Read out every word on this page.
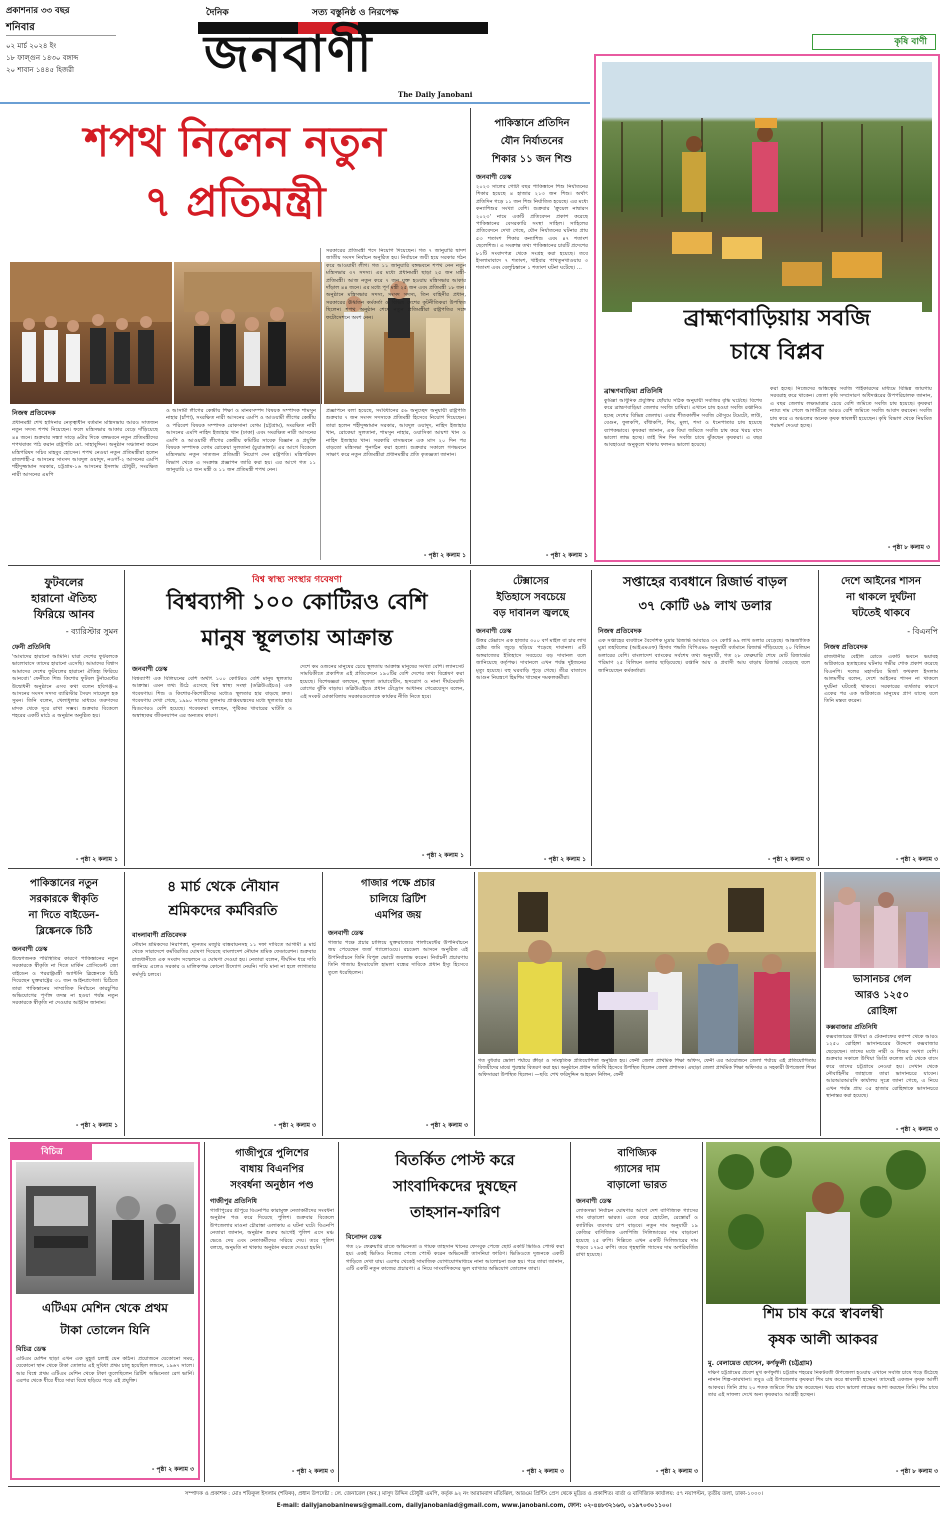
প্রকাশনার ৩৩ বছর
শনিবার
০২ মার্চ ২০২৪ ইং
১৮ ফাল্গুন ১৪৩০ বঙ্গাব্দ
২০ শাবান ১৪৪৫ হিজরী
দৈনিক	সত্য বস্তুনিষ্ঠ ও নিরপেক্ষ
জনবাণী
The Daily Janobani
কৃষি বাণী
ব্রাহ্মণবাড়িয়ায় সবজি
চাষে বিপ্লব
ব্রাহ্মণবাড়িয়া প্রতিনিধি
কুমিল্লা আধুনিক প্রযুক্তির ছোঁয়ায় সঠিক অনুযায়ী সবজির বৃদ্ধি ঘটেছে। বিশেষ করে ব্রাহ্মণবাড়িয়া জেলার সবজি চাষিরা। এখানে চাষ হওয়া সবজি রপ্তানিও হচ্ছে দেশের বিভিন্ন জেলায়। এবার শীতকালীন সবজি মৌসুমে টমেটো, লাউ, বেগুন, ফুলকপি, বাঁধাকপি, শিম, মুলা, শসা ও ধনেপাতার চাষ হয়েছে ব্যাপকভাবে। কৃষকরা জানান, এক বিঘা জমিতে সবজি চাষ করে খরচ বাদে ভালো লাভ হচ্ছে। তাই দিন দিন সবজি চাষে ঝুঁকছেন কৃষকরা। এ বছর আবহাওয়া অনুকূলে থাকায় ফলনও ভালো হয়েছে।
করা হচ্ছে। নিজেদের অস্তিত্বের সবজি পাইকারদের মাধ্যমে বিভিন্ন জায়গায় সরবরাহ করে থাকেন। জেলা কৃষি সম্প্রসারণ অধিদপ্তরের উপপরিচালক জানান, এ বছর জেলায় লক্ষ্যমাত্রার চেয়ে বেশি জমিতে সবজি চাষ হয়েছে। কৃষকরা ন্যায্য দাম পেলে আগামীতে আরও বেশি জমিতে সবজি আবাদ করবেন। সবজি চাষ করে এ অঞ্চলের অনেক কৃষক স্বাবলম্বী হয়েছেন। কৃষি বিভাগ থেকে নিয়মিত পরামর্শ দেওয়া হচ্ছে।
- পৃষ্ঠা ৮ কলাম ৩
শপথ নিলেন নতুন
৭ প্রতিমন্ত্রী
নিজস্ব প্রতিবেদক
প্রধানমন্ত্রী শেখ হাসিনার নেতৃত্বাধীন বর্তমান মন্ত্রিসভায় আরও সাতজন নতুন সদস্য শপথ নিয়েছেন। ফলে মন্ত্রিসভার আকার বেড়ে দাঁড়িয়েছে ৪৪ জনে। শুক্রবার সন্ধ্যা সাড়ে ৬টার দিকে বঙ্গভবনে নতুন প্রতিমন্ত্রীদের শপথবাক্য পাঠ করান রাষ্ট্রপতি মো. সাহাবুদ্দিন। অনুষ্ঠান সঞ্চালনা করেন মন্ত্রিপরিষদ সচিব মাহবুব হোসেন। শপথ নেওয়া নতুন প্রতিমন্ত্রীরা হলেন রাজশাহী-৫ আসনের সাংসদ আবদুল ওয়াদুদ, নওগাঁ-২ আসনের এমপি শহীদুজ্জামান সরকার, চট্টগ্রাম-১৬ আসনের ইসলাম চৌধুরী, সংরক্ষিত নারী আসনের এমপি
ও আসামী লীগের কেন্দ্রীয় শিক্ষা ও মানবসম্পদ বিষয়ক সম্পাদক শামসুন নাহার (চাঁপা), সংরক্ষিত নারী আসনের এমপি ও আওয়ামী লীগের কেন্দ্রীয় ও পরিবেশ বিষয়ক সম্পাদক রোকসানা বেগম (চট্টগ্রাম), সংরক্ষিত নারী আসনের এমপি নাহিদ ইজাহার খান (ঢাকা) এবং সংরক্ষিত নারী আসনের এমপি ও আওয়ামী লীগের কেন্দ্রীয় কমিটির সাবেক বিজ্ঞান ও প্রযুক্তি বিষয়ক সম্পাদক বেগম রোকেয়া সুলতানা (চুয়াডাঙ্গা)। এর আগে বিকেলে মন্ত্রিসভায় নতুন সাতজন প্রতিমন্ত্রী নিয়োগ দেন রাষ্ট্রপতি। মন্ত্রিপরিষদ বিভাগ থেকে এ সংক্রান্ত প্রজ্ঞাপন জারি করা হয়। এর আগে গত ১১ জানুয়ারি ২৫ জন মন্ত্রী ও ১১ জন প্রতিমন্ত্রী শপথ নেন।
সরকারের প্রতিমন্ত্রী পদে নিয়োগ দিয়েছেন। গত ৭ জানুয়ারি দ্বাদশ জাতীয় সংসদ নির্বাচন অনুষ্ঠিত হয়। নির্বাচনে জয়ী হয়ে সরকার গঠন করে আওয়ামী লীগ। গত ১১ জানুয়ারি বঙ্গভবনে শপথ নেন নতুন মন্ত্রিসভার ৩৭ সদস্য। এর মধ্যে প্রধানমন্ত্রী ছাড়া ২৫ জন মন্ত্রী-প্রতিমন্ত্রী। আজ নতুন করে ৭ জন যুক্ত হওয়ায় মন্ত্রিসভার আকার দাঁড়াল ৪৪ জনে। এর মধ্যে পূর্ণ মন্ত্রী ২৫ জন এবং প্রতিমন্ত্রী ১৮ জন। অনুষ্ঠানে মন্ত্রিসভার সদস্য, সংসদ সদস্য, তিন বাহিনীর প্রধান, সরকারের ঊর্ধ্বতন কর্মকর্তা ও বিভিন্ন দেশের কূটনীতিকরা উপস্থিত ছিলেন। শপথ অনুষ্ঠান শেষে নতুন প্রতিমন্ত্রীরা রাষ্ট্রপতির সঙ্গে ফটোসেশনে অংশ নেন।
প্রজ্ঞাপনে বলা হয়েছে, সংবিধানের ৫৬ অনুচ্ছেদ অনুযায়ী রাষ্ট্রপতি শুক্রবার ৭ জন সংসদ সদস্যকে প্রতিমন্ত্রী হিসেবে নিয়োগ দিয়েছেন। তারা হলেন শহীদুজ্জামান সরকার, আবদুল ওয়াদুদ, নাহিদ ইজাহার খান, রোকেয়া সুলতানা, শামসুন নাহার, ওয়াসিকা আয়শা খান ও নাহিদ ইজাহার খান। সরকারি বাসভবনে এক মাস ২০ দিন পর বাড়তো মন্ত্রিসভা পুনর্গঠন করা হলো। শুক্রবার সকালে গণভবনে সাক্ষাৎ করে নতুন প্রতিমন্ত্রীরা প্রধানমন্ত্রীর প্রতি কৃতজ্ঞতা জানান।
- পৃষ্ঠা ২ কলাম ১
পাকিস্তানে প্রতিদিন
যৌন নির্যাতনের
শিকার ১১ জন শিশু
জনবাণী ডেস্ক
২০২৩ সালের গোটা বছর পাকিস্তানে শিশু নির্যাতনের শিকার হয়েছে ৪ হাজার ২১৩ জন শিশু। অর্থাৎ প্রতিদিন গড়ে ১১ জন শিশু নির্যাতিত হয়েছে। এর মধ্যে কন্যাশিশুর সংখ্যা বেশি। শুক্রবার 'ক্রুয়েল নাম্বারস ২০২৩' নামে একটি প্রতিবেদন প্রকাশ করেছে পাকিস্তানের বেসরকারি সংস্থা সাহিল। সাহিলের প্রতিবেদনে দেখা গেছে, যৌন নির্যাতনের ঘটনার প্রায় ৫৩ শতাংশ শিকার কন্যাশিশু এবং ৪৭ শতাংশ ছেলেশিশু। এ সংক্রান্ত তথ্য পাকিস্তানের চারটি প্রদেশের ৮১টি সংবাদপত্র থেকে সংগ্রহ করা হয়েছে। তবে ইসলামাবাদে ৭ শতাংশ, খাইবার পাখতুনখাওয়ায় ৩ শতাংশ এবং বেলুচিস্তানে ১ শতাংশ ঘটনা ঘটেছে। ...
- পৃষ্ঠা ২ কলাম ১
ফুটবলের
হারানো ঐতিহ্য
ফিরিয়ে আনব
- ব্যারিস্টার সুমন
ফেনী প্রতিনিধি
'আমাদের হারানো আমিনি। যারা দেশের ফুটবলকে ভালোবাসে তাদের হারানো এসেছি। আমাদের বিশ্বাস আমাদের দেশের ফুটবলের হারানো ঐতিহ্য ফিরিয়ে আনবো।' ফেনীতে শিশু কিশোর ফুটবল টুর্নামেন্টের উদ্বোধনী অনুষ্ঠানে এসব কথা বলেন হবিগঞ্জ-৪ আসনের সংসদ সদস্য ব্যারিস্টার সৈয়দ সায়েদুল হক সুমন। তিনি বলেন, খেলাধুলার মাধ্যমে তরুণদের মাদক থেকে দূরে রাখা সম্ভব। শুক্রবার বিকেলে শহরের একটি মাঠে এ অনুষ্ঠান অনুষ্ঠিত হয়।
- পৃষ্ঠা ২ কলাম ১
বিশ্ব স্বাস্থ্য সংস্থার গবেষণা
বিশ্বব্যাপী ১০০ কোটিরও বেশি
মানুষ স্থূলতায় আক্রান্ত
জনবাণী ডেস্ক
বিশ্বব্যাপী এক বিলিয়নের বেশি অর্থাৎ ১০০ কোটিরও বেশি মানুষ স্থূলতায় আক্রান্ত। এমন তথ্য উঠে এসেছে বিশ্ব স্বাস্থ্য সংস্থা (ডব্লিউএইচও) এক গবেষণায়। শিশু ও কিশোর-কিশোরীদের মধ্যেও স্থূলতার হার বাড়ছে দ্রুত। গবেষণায় দেখা গেছে, ১৯৯০ সালের তুলনায় প্রাপ্তবয়স্কদের মধ্যে স্থূলতার হার দ্বিগুণেরও বেশি হয়েছে। গবেষকরা বলছেন, পুষ্টিকর খাবারের ঘাটতি ও অস্বাস্থ্যকর জীবনযাপন এর অন্যতম কারণ।
দেশে কম ওজনের মানুষের চেয়ে স্থূলতায় আক্রান্ত মানুষের সংখ্যা বেশি। ল্যানসেট সাময়িকীতে প্রকাশিত এই প্রতিবেদনে ১৯০টির বেশি দেশের তথ্য বিশ্লেষণ করা হয়েছে। বিশেষজ্ঞরা বলছেন, স্থূলতা ডায়াবেটিস, হৃদরোগ ও নানা দীর্ঘমেয়াদি রোগের ঝুঁকি বাড়ায়। ডব্লিউএইচও প্রধান টেড্রোস আধানম গেব্রেয়েসুস বলেন, এই সংকট মোকাবিলায় সরকারগুলোকে কার্যকর নীতি নিতে হবে।
- পৃষ্ঠা ২ কলাম ১
টেক্সাসের
ইতিহাসে সবচেয়ে
বড় দাবানল জ্বলছে
জনবাণী ডেস্ক
উত্তর টেক্সাসে এক হাজার ৩০০ বর্গ মাইল বা চার লাখ হেক্টর জমি জুড়ে ছড়িয়ে পড়েছে দাবানল। এটি অঙ্গরাজ্যের ইতিহাসে সবচেয়ে বড় দাবানল বলে জানিয়েছে কর্তৃপক্ষ। দাবানলে এখন পর্যন্ত দুইজনের মৃত্যু হয়েছে। বহু ঘরবাড়ি পুড়ে গেছে। তীব্র বাতাসে আগুন নিয়ন্ত্রণে হিমশিম খাচ্ছেন দমকলকর্মীরা।
- পৃষ্ঠা ২ কলাম ১
সপ্তাহের ব্যবধানে রিজার্ভ বাড়ল
৩৭ কোটি ৬৯ লাখ ডলার
নিজস্ব প্রতিবেদক
এক সপ্তাহের ব্যবধানে বৈদেশিক মুদ্রার রিজার্ভ আবারও ৩৭ কোটি ৬৯ লাখ ডলার বেড়েছে। আন্তর্জাতিক মুদ্রা তহবিলের (আইএমএফ) হিসাব পদ্ধতি বিপিএম৬ অনুযায়ী বর্তমানে রিজার্ভ দাঁড়িয়েছে ২০ বিলিয়ন ডলারের বেশি। বাংলাদেশ ব্যাংকের সর্বশেষ তথ্য অনুযায়ী, গত ২৮ ফেব্রুয়ারি শেষে মোট রিজার্ভের পরিমাণ ২৫ বিলিয়ন ডলার ছাড়িয়েছে। রপ্তানি আয় ও প্রবাসী আয় বাড়ায় রিজার্ভ বেড়েছে বলে জানিয়েছেন কর্মকর্তারা।
- পৃষ্ঠা ২ কলাম ৩
দেশে আইনের শাসন
না থাকলে দুর্ঘটনা
ঘটতেই থাকবে
- বিএনপি
নিজস্ব প্রতিবেদক
রাজধানীর বেইলি রোডে একটি ভবনে ভয়াবহ অগ্নিকাণ্ডে হতাহতের ঘটনায় গভীর শোক প্রকাশ করেছে বিএনপি। দলের মহাসচিব মির্জা ফখরুল ইসলাম আলমগীর বলেন, দেশে আইনের শাসন না থাকলে দুর্ঘটনা ঘটতেই থাকবে। সরকারের ব্যর্থতার কারণে একের পর এক অগ্নিকাণ্ডে মানুষের প্রাণ যাচ্ছে বলে তিনি মন্তব্য করেন।
- পৃষ্ঠা ২ কলাম ৩
পাকিস্তানের নতুন
সরকারকে স্বীকৃতি
না দিতে বাইডেন-
ব্লিঙ্কেনকে চিঠি
জনবাণী ডেস্ক
উদ্বেগজনক পরিস্থিতির কারণে পাকিস্তানের নতুন সরকারকে স্বীকৃতি না দিতে মার্কিন প্রেসিডেন্ট জো বাইডেন ও পররাষ্ট্রমন্ত্রী অ্যান্টনি ব্লিঙ্কেনকে চিঠি দিয়েছেন যুক্তরাষ্ট্রের ৩১ জন আইনপ্রণেতা। চিঠিতে তারা পাকিস্তানের সাম্প্রতিক নির্বাচনে কারচুপির অভিযোগের পূর্ণাঙ্গ তদন্ত না হওয়া পর্যন্ত নতুন সরকারকে স্বীকৃতি না দেওয়ার আহ্বান জানান।
- পৃষ্ঠা ২ কলাম ১
৪ মার্চ থেকে নৌযান
শ্রমিকদের কর্মবিরতি
বাংলাবাণী প্রতিবেদক
নৌযান শ্রমিকদের নিরাপত্তা, ন্যূনতম মজুরি বাস্তবায়নসহ ১১ দফা দাবিতে আগামী ৪ মার্চ থেকে সারাদেশে কর্মবিরতির ঘোষণা দিয়েছে বাংলাদেশ নৌযান শ্রমিক ফেডারেশন। শুক্রবার রাজধানীতে এক সংবাদ সম্মেলনে এ ঘোষণা দেওয়া হয়। নেতারা বলেন, দীর্ঘদিন ধরে দাবি জানিয়ে এলেও সরকার ও মালিকপক্ষ কোনো উদ্যোগ নেয়নি। দাবি মানা না হলে লাগাতার কর্মসূচি চলবে।
- পৃষ্ঠা ২ কলাম ৩
গাজার পক্ষে প্রচার
চালিয়ে ব্রিটিশ
এমপির জয়
জনবাণী ডেস্ক
গাজার পক্ষে প্রচার চালিয়ে যুক্তরাজ্যের পার্লামেন্টের উপনির্বাচনে জয় পেয়েছেন জর্জ গ্যালোওয়ে। রচডেল আসনে অনুষ্ঠিত এই উপনির্বাচনে তিনি বিপুল ভোটে জয়লাভ করেন। নির্বাচনী প্রচারণায় তিনি গাজায় ইসরায়েলি হামলা বন্ধের দাবিকে প্রধান ইস্যু হিসেবে তুলে ধরেছিলেন।
- পৃষ্ঠা ২ কলাম ৩
গত বুধবার ভোলা পর্যায়ে ক্রীড়া ও সাংস্কৃতিক প্রতিযোগিতা অনুষ্ঠিত হয়। ফেনী জেলা প্রাথমিক শিক্ষা অফিস, ফেনী এর আয়োজনে জেলা পর্যায়ে এই প্রতিযোগিতায় বিজয়ীদের মাঝে পুরস্কার বিতরণ করা হয়। অনুষ্ঠানে প্রধান অতিথি হিসেবে উপস্থিত ছিলেন জেলা প্রশাসক। এছাড়া জেলা প্রাথমিক শিক্ষা অফিসার ও সহকারী উপজেলা শিক্ষা অফিসাররা উপস্থিত ছিলেন। —ছবি: শেখ ফরিদুদ্দিন আহমেদ নিলিন, ফেনী
ভাসানচর গেল
আরও ১২৫০
রোহিঙ্গা
কক্সবাজার প্রতিনিধি
কক্সবাজারের উখিয়া ও টেকনাফের ক্যাম্প থেকে আরও ১২৫০ রোহিঙ্গা ভাসানচরের উদ্দেশে কক্সবাজার ছেড়েছেন। তাদের মধ্যে নারী ও শিশুর সংখ্যা বেশি। শুক্রবার সকালে উখিয়া ডিগ্রি কলেজ মাঠ থেকে বাসে করে তাদের চট্টগ্রামে নেওয়া হয়। সেখান থেকে নৌবাহিনীর জাহাজে তারা ভাসানচরে যাবেন। আরআরআরসি কার্যালয় সূত্রে জানা গেছে, এ নিয়ে এখন পর্যন্ত প্রায় ৩৫ হাজার রোহিঙ্গাকে ভাসানচরে স্থানান্তর করা হয়েছে।
- পৃষ্ঠা ২ কলাম ৩
বিচিত্র
এটিএম মেশিন থেকে প্রথম
টাকা তোলেন যিনি
বিচিত্র ডেস্ক
এটিএম মেশিন ছাড়া এখন এক মুহূর্ত চলাই যেন কঠিন। প্রয়োজনে যেকোনো সময়, যেকোনো স্থান থেকে টাকা তোলার এই সুবিধা প্রথম চালু হয়েছিল লন্ডনে, ১৯৬৭ সালে। আর বিশ্বে প্রথম এটিএম মেশিন থেকে টাকা তুলেছিলেন ব্রিটিশ অভিনেতা রেগ ভার্নি। এরপর থেকে ধীরে ধীরে সারা বিশ্বে ছড়িয়ে পড়ে এই প্রযুক্তি।
- পৃষ্ঠা ২ কলাম ৩
গাজীপুরে পুলিশের
বাধায় বিএনপির
সংবর্ধনা অনুষ্ঠান পণ্ড
গাজীপুর প্রতিনিধি
গাজীপুরের শ্রীপুরে বিএনপির কারামুক্ত নেতাকর্মীদের সংবর্ধনা অনুষ্ঠান পণ্ড করে দিয়েছে পুলিশ। শুক্রবার বিকেলে উপজেলার মাওনা চৌরাস্তা এলাকায় এ ঘটনা ঘটে। বিএনপি নেতারা জানান, অনুষ্ঠান শুরুর আগেই পুলিশ এসে মঞ্চ ভেঙে দেয় এবং নেতাকর্মীদের সরিয়ে দেয়। তবে পুলিশ বলছে, অনুমতি না থাকায় অনুষ্ঠান করতে দেওয়া হয়নি।
- পৃষ্ঠা ২ কলাম ৩
বিতর্কিত পোস্ট করে
সাংবাদিকদের দুষছেন
তাহসান-ফারিণ
বিনোদন ডেস্ক
গত ২৮ ফেব্রুয়ারি রাতে অভিনেতা ও গায়ক তাহসান খানের ফেসবুক পেজে ছোট একটি ভিডিও পোস্ট করা হয়। একই ভিডিও নিজের পেজে পোস্ট করেন অভিনেত্রী তাসনিয়া ফারিণ। ভিডিওতে দুজনকে একটি গাড়িতে দেখা যায়। এরপর থেকেই সামাজিক যোগাযোগমাধ্যমে নানা আলোচনা শুরু হয়। পরে তারা জানান, এটি একটি নতুন কাজের প্রচারণা। এ নিয়ে সাংবাদিকদের ভুল ব্যাখ্যার অভিযোগ তোলেন তারা।
- পৃষ্ঠা ২ কলাম ৩
বাণিজ্যিক
গ্যাসের দাম
বাড়ালো ভারত
জনবাণী ডেস্ক
লোকসভা নির্বাচন ঘোষণার আগে দেশ বাণিজ্যিক গ্যাসের দাম বাড়ালো ভারত। এতে করে হোটেল, রেস্তোরাঁ ও ক্যাটারিং ব্যবসায় চাপ বাড়বে। নতুন দাম অনুযায়ী ১৯ কেজির বাণিজ্যিক এলপিজি সিলিন্ডারের দাম বাড়ানো হয়েছে ২৫ রুপি। দিল্লিতে এখন একটি সিলিন্ডারের দাম পড়বে ১৭৯৫ রুপি। তবে গৃহস্থালি গ্যাসের দাম অপরিবর্তিত রাখা হয়েছে।
- পৃষ্ঠা ২ কলাম ৩
শিম চাষ করে স্বাবলম্বী
কৃষক আলী আকবর
মু. বেলায়েত হোসেন, কর্ণফুলী (চট্টগ্রাম)
দক্ষিণ চট্টগ্রামের প্রবেশ মুখ কর্ণফুলী। চট্টগ্রাম শহরের নিকটবর্তী উপজেলা হওয়ায় এখানে সবজি চাষে গড়ে উঠেছে নানান শিল্প-কারখানা। তবুও এই উপজেলার কৃষকরা শিম চাষ করে স্বাবলম্বী হচ্ছেন। তাদেরই একজন কৃষক আলী আকবর। তিনি প্রায় ২০ শতক জমিতে শিম চাষ করেছেন। খরচ বাদে ভালো লাভের আশা করছেন তিনি। শিম চাষে তার এই সাফল্য দেখে অন্য কৃষকরাও আগ্রহী হচ্ছেন।
- পৃষ্ঠা ৮ কলাম ৩
সম্পাদক ও প্রকাশক : মোঃ শফিকুল ইসলাম (শফিক), প্রধান উপদেষ্টা : লে. জেনারেল (অব.) মাসুদ উদ্দিন চৌধুরী এমপি, কর্তৃক ৯২ নং আরামবাগ মতিঝিল, আরএম প্রিন্টিং প্রেস থেকে মুদ্রিত ও প্রকাশিত। বার্তা ও বাণিজ্যিক কার্যালয়: ৫৭ নয়াপল্টন, তৃতীয় তলা, ঢাকা-১০০০।
E-mail: dailyjanobaninews@gmail.com, dailyjanobaniad@gmail.com, www.janobani.com, ফোন: ০২-৪৪৮৩২১৬৩, ০১৯৭০৩০১১০০।
